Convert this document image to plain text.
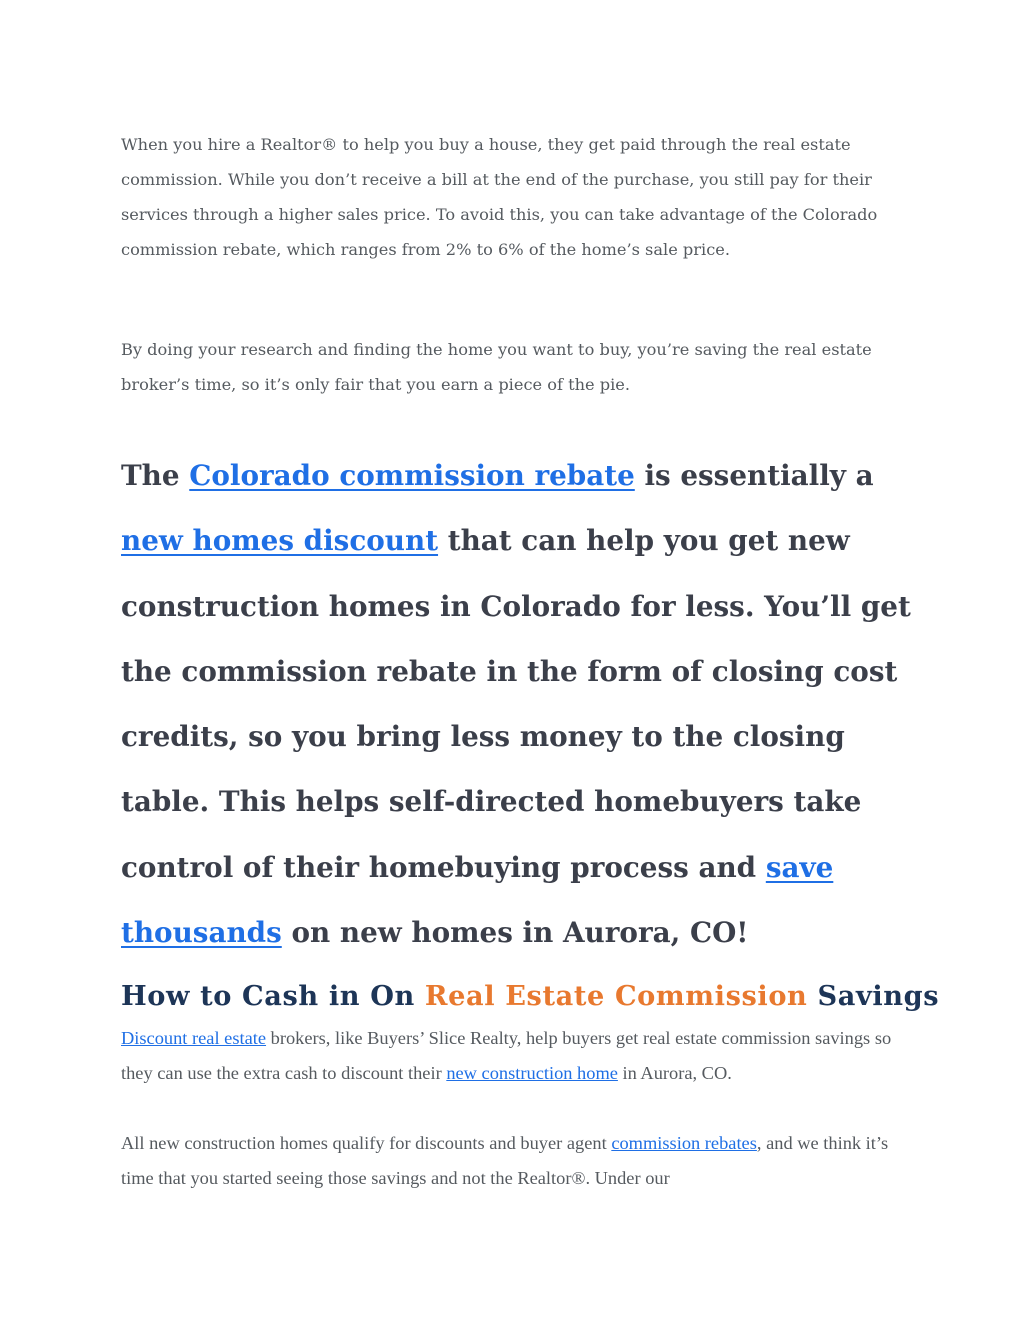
When you hire a Realtor® to help you buy a house, they get paid through the real estate commission. While you don’t receive a bill at the end of the purchase, you still pay for their services through a higher sales price. To avoid this, you can take advantage of the Colorado commission rebate, which ranges from 2% to 6% of the home’s sale price.

By doing your research and finding the home you want to buy, you’re saving the real estate broker’s time, so it’s only fair that you earn a piece of the pie.

The Colorado commission rebate is essentially a new homes discount that can help you get new construction homes in Colorado for less. You’ll get the commission rebate in the form of closing cost credits, so you bring less money to the closing table. This helps self-directed homebuyers take control of their homebuying process and save thousands on new homes in Aurora, CO!

How to Cash in On Real Estate Commission Savings

Discount real estate brokers, like Buyers’ Slice Realty, help buyers get real estate commission savings so they can use the extra cash to discount their new construction home in Aurora, CO.

All new construction homes qualify for discounts and buyer agent commission rebates, and we think it’s time that you started seeing those savings and not the Realtor®. Under our
